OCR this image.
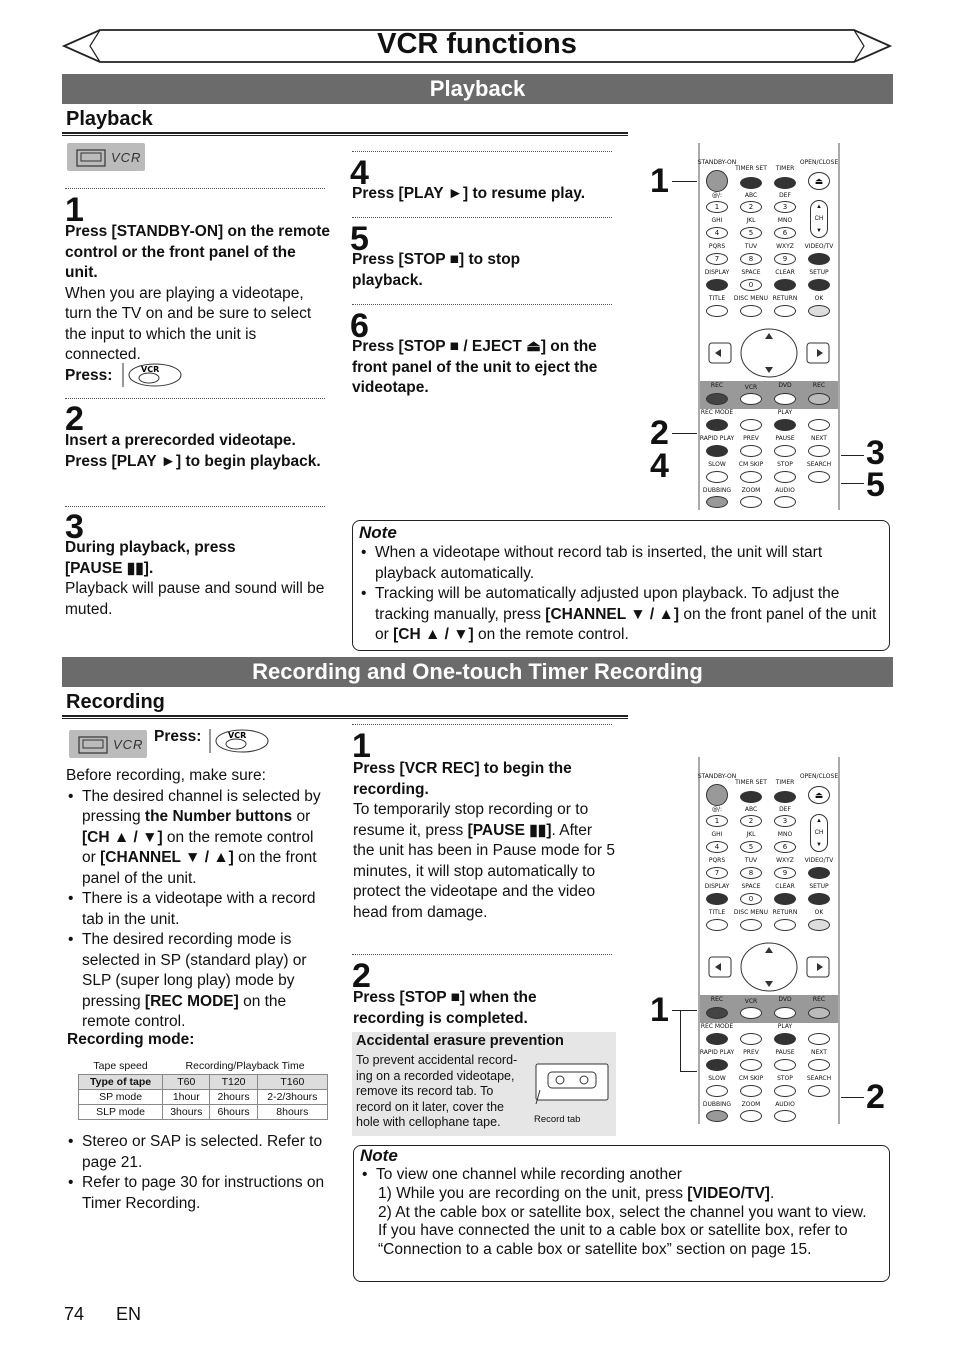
VCR functions
Playback
Playback
VCR
1
Press [STANDBY-ON] on the remote control or the front panel of the unit.
When you are playing a videotape, turn the TV on and be sure to select the input to which the unit is connected.
Press:	VCR
2
Insert a prerecorded videotape. Press [PLAY ►] to begin playback.
3
During playback, press [PAUSE ▮▮].
Playback will pause and sound will be muted.
4
Press [PLAY ►] to resume play.
5
Press [STOP ■] to stop playback.
6
Press [STOP ■ / EJECT ⏏] on the front panel of the unit to eject the videotape.
Note
• When a videotape without record tab is inserted, the unit will start playback automatically.
• Tracking will be automatically adjusted upon playback. To adjust the tracking manually, press [CHANNEL ▼ / ▲] on the front panel of the unit or [CH ▲ / ▼] on the remote control.
1
2
4	3
5
STANDBY-ON
TIMER SET	TIMER
OPEN/CLOSE
⏏
@/:	ABC	DEF
1	2	3
4	5	6
7	8	9
▲
CH
▼
GHI	JKL	MNO
PQRS	TUV	WXYZ	VIDEO/TV
DISPLAY	SPACE	CLEAR	SETUP
0
TITLE	DISC MENU RETURN	OK
REC	VCR	DVD	REC
REC MODE	PLAY
RAPID PLAY	PREV	PAUSE	NEXT
SLOW	CM SKIP	STOP	SEARCH
DUBBING	ZOOM	AUDIO
Recording and One-touch Timer Recording
Recording
VCR Press:	VCR
Before recording, make sure:
• The desired channel is selected by pressing the Number buttons or [CH ▲ / ▼] on the remote control or [CHANNEL ▼ / ▲] on the front panel of the unit.
• There is a videotape with a record tab in the unit.
• The desired recording mode is selected in SP (standard play) or SLP (super long play) mode by pressing [REC MODE] on the remote control.
Recording mode:
Tape speed	Recording/Playback Time		
Type of tape	T60	T120	T160
SP mode	1hour	2hours	2-2/3hours
SLP mode	3hours	6hours	8hours
• Stereo or SAP is selected. Refer to page 21.
• Refer to page 30 for instructions on Timer Recording.
1
Press [VCR REC] to begin the recording.
To temporarily stop recording or to resume it, press [PAUSE ▮▮]. After the unit has been in Pause mode for 5 minutes, it will stop automatically to protect the videotape and the video head from damage.
2
Press [STOP ■] when the recording is completed.
Accidental erasure prevention
To prevent accidental record-ing on a recorded videotape, remove its record tab. To record on it later, cover the hole with cellophane tape.	Record tab
Note
• To view one channel while recording another
1) While you are recording on the unit, press [VIDEO/TV].
2) At the cable box or satellite box, select the channel you want to view.
If you have connected the unit to a cable box or satellite box, refer to “Connection to a cable box or satellite box” section on page 15.
1
2
STANDBY-ON
TIMER SET	TIMER
OPEN/CLOSE
⏏
@/:	ABC	DEF
1	2	3
4	5	6
7	8	9
▲
CH
▼
GHI	JKL	MNO
PQRS	TUV	WXYZ	VIDEO/TV
DISPLAY	SPACE	CLEAR	SETUP
0
TITLE	DISC MENU RETURN	OK
REC	VCR	DVD	REC
REC MODE	PLAY
RAPID PLAY	PREV	PAUSE	NEXT
SLOW	CM SKIP	STOP	SEARCH
DUBBING	ZOOM	AUDIO
74 EN
